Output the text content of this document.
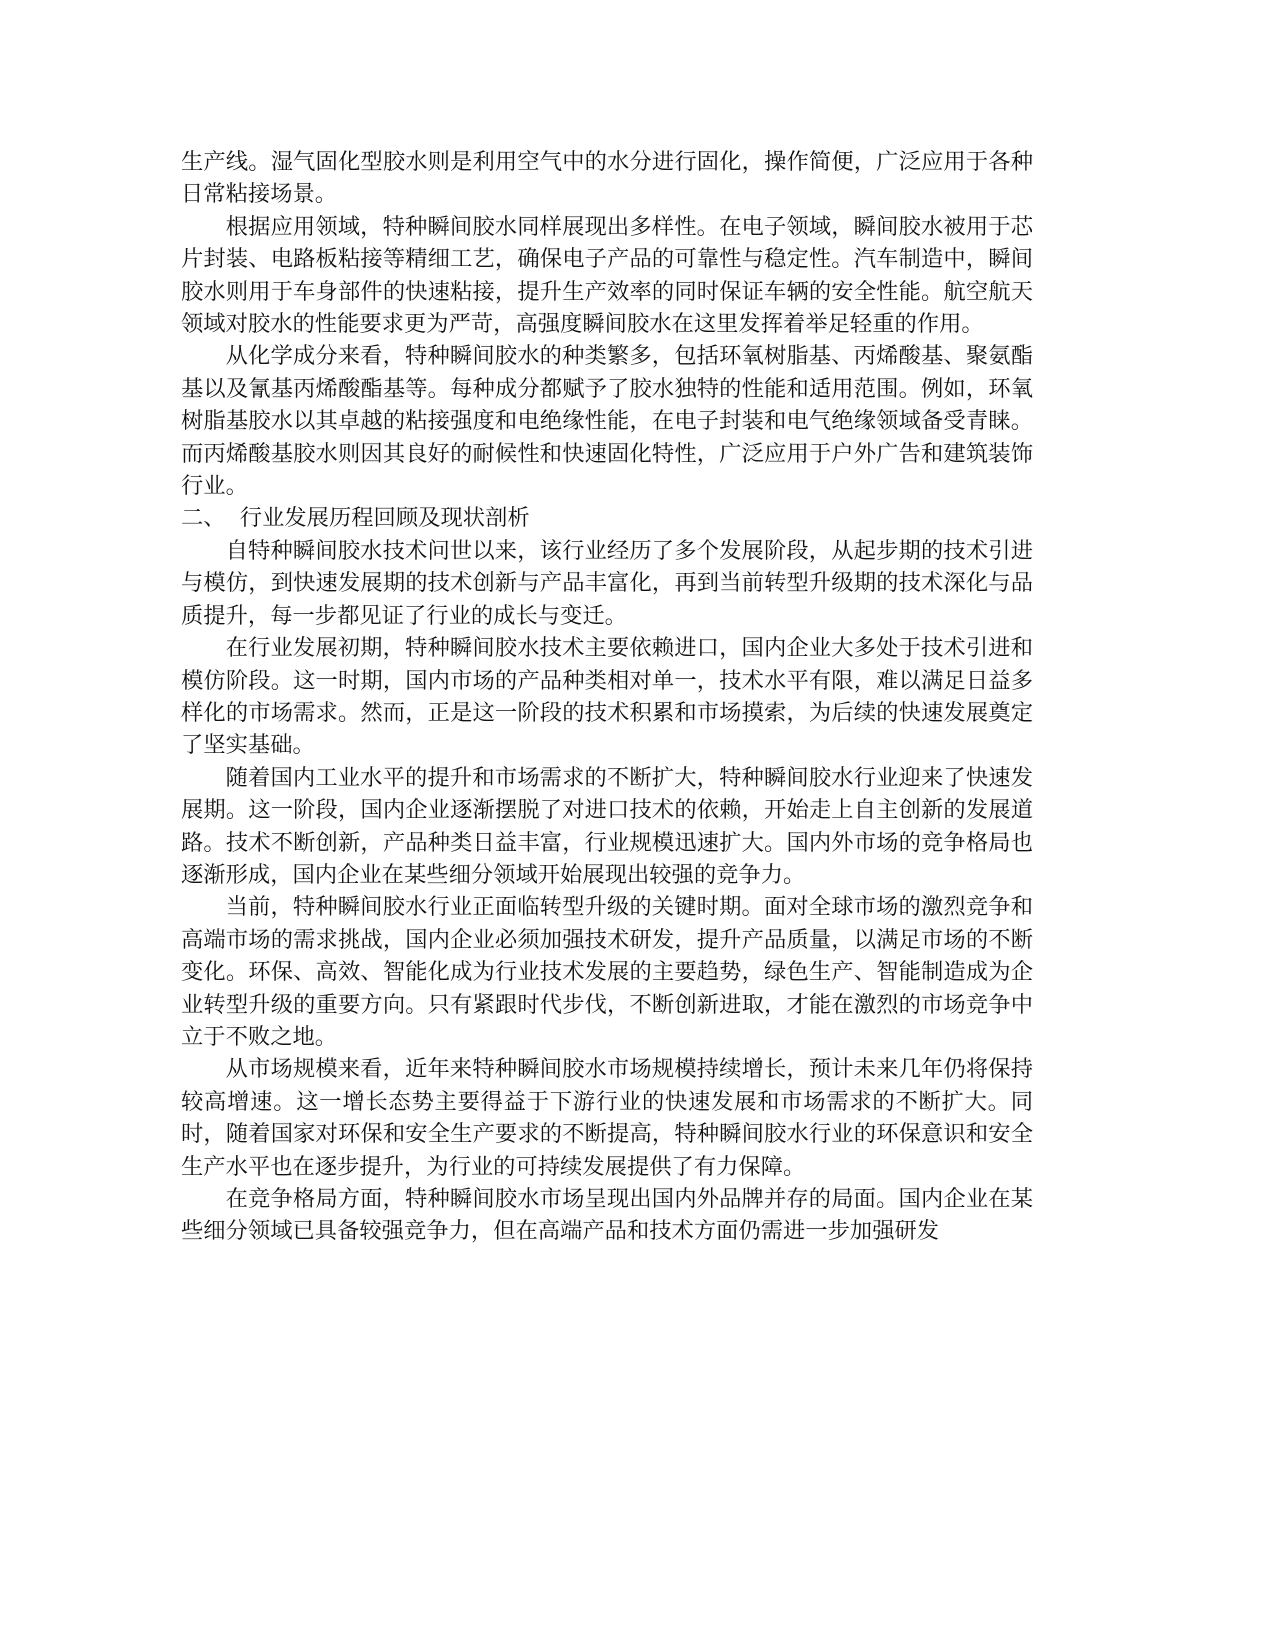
生产线。湿气固化型胶水则是利用空气中的水分进行固化，操作简便，广泛应用于各种日常粘接场景。

根据应用领域，特种瞬间胶水同样展现出多样性。在电子领域，瞬间胶水被用于芯片封装、电路板粘接等精细工艺，确保电子产品的可靠性与稳定性。汽车制造中，瞬间胶水则用于车身部件的快速粘接，提升生产效率的同时保证车辆的安全性能。航空航天领域对胶水的性能要求更为严苛，高强度瞬间胶水在这里发挥着举足轻重的作用。

从化学成分来看，特种瞬间胶水的种类繁多，包括环氧树脂基、丙烯酸基、聚氨酯基以及氰基丙烯酸酯基等。每种成分都赋予了胶水独特的性能和适用范围。例如，环氧树脂基胶水以其卓越的粘接强度和电绝缘性能，在电子封装和电气绝缘领域备受青睐。而丙烯酸基胶水则因其良好的耐候性和快速固化特性，广泛应用于户外广告和建筑装饰行业。

二、  行业发展历程回顾及现状剖析

自特种瞬间胶水技术问世以来，该行业经历了多个发展阶段，从起步期的技术引进与模仿，到快速发展期的技术创新与产品丰富化，再到当前转型升级期的技术深化与品质提升，每一步都见证了行业的成长与变迁。

在行业发展初期，特种瞬间胶水技术主要依赖进口，国内企业大多处于技术引进和模仿阶段。这一时期，国内市场的产品种类相对单一，技术水平有限，难以满足日益多样化的市场需求。然而，正是这一阶段的技术积累和市场摸索，为后续的快速发展奠定了坚实基础。

随着国内工业水平的提升和市场需求的不断扩大，特种瞬间胶水行业迎来了快速发展期。这一阶段，国内企业逐渐摆脱了对进口技术的依赖，开始走上自主创新的发展道路。技术不断创新，产品种类日益丰富，行业规模迅速扩大。国内外市场的竞争格局也逐渐形成，国内企业在某些细分领域开始展现出较强的竞争力。

当前，特种瞬间胶水行业正面临转型升级的关键时期。面对全球市场的激烈竞争和高端市场的需求挑战，国内企业必须加强技术研发，提升产品质量，以满足市场的不断变化。环保、高效、智能化成为行业技术发展的主要趋势，绿色生产、智能制造成为企业转型升级的重要方向。只有紧跟时代步伐，不断创新进取，才能在激烈的市场竞争中立于不败之地。

从市场规模来看，近年来特种瞬间胶水市场规模持续增长，预计未来几年仍将保持较高增速。这一增长态势主要得益于下游行业的快速发展和市场需求的不断扩大。同时，随着国家对环保和安全生产要求的不断提高，特种瞬间胶水行业的环保意识和安全生产水平也在逐步提升，为行业的可持续发展提供了有力保障。

在竞争格局方面，特种瞬间胶水市场呈现出国内外品牌并存的局面。国内企业在某些细分领域已具备较强竞争力，但在高端产品和技术方面仍需进一步加强研发
